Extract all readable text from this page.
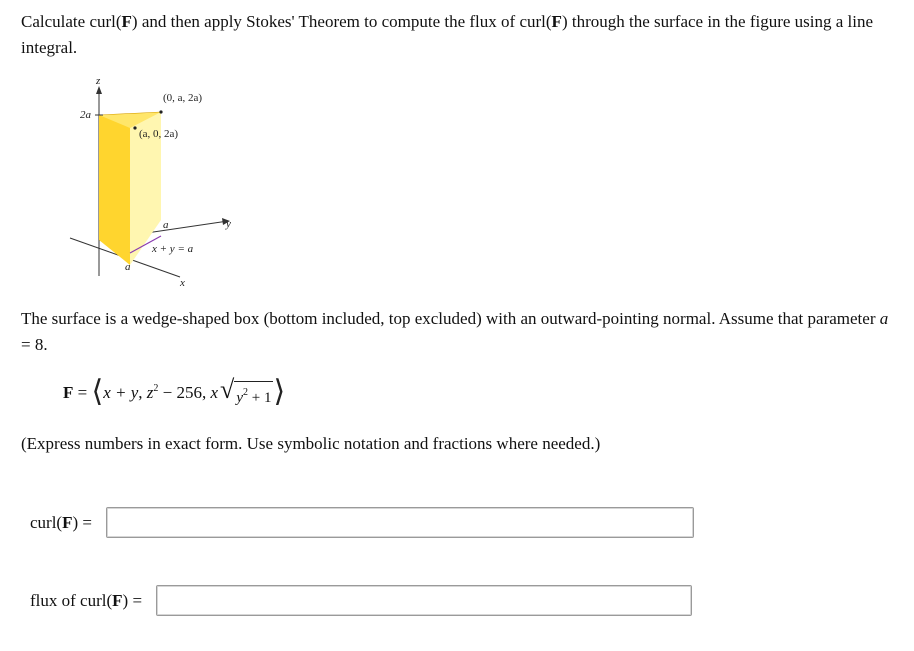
Calculate curl(F) and then apply Stokes' Theorem to compute the flux of curl(F) through the surface in the figure using a line integral.
z
y
x
2a
a
a
(0, a, 2a)
(a, 0, 2a)
x + y = a
The surface is a wedge-shaped box (bottom included, top excluded) with an outward-pointing normal. Assume that parameter a = 8.
F = ⟨ x + y , $z^2 - 256$ , x √ $y^2 + 1$ ⟩
(Express numbers in exact form. Use symbolic notation and fractions where needed.)
curl(F) =
flux of curl(F) =
